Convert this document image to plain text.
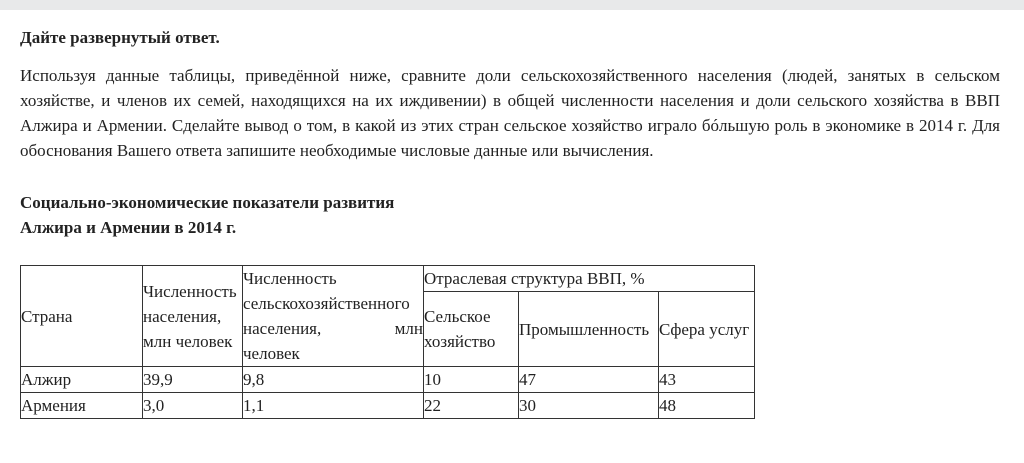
Дайте развернутый ответ.

Используя данные таблицы, приведённой ниже, сравните доли сельскохозяйственного населения (людей, занятых в сельском хозяйстве, и членов их семей, находящихся на их иждивении) в общей численности населения и доли сельского хозяйства в ВВП Алжира и Армении. Сделайте вывод о том, в какой из этих стран сельское хозяйство играло бóльшую роль в экономике в 2014 г. Для обоснования Вашего ответа запишите необходимые числовые данные или вычисления.

Социально-экономические показатели развития
Алжира и Армении в 2014 г.

Страна	Численность населения, млн человек	Численность
сельскохозяйственного
населения, млн
человек	Отраслевая структура ВВП, %		
			Сельское хозяйство	Промышленность	Сфера услуг
Алжир	39,9	9,8	10	47	43
Армения	3,0	1,1	22	30	48
